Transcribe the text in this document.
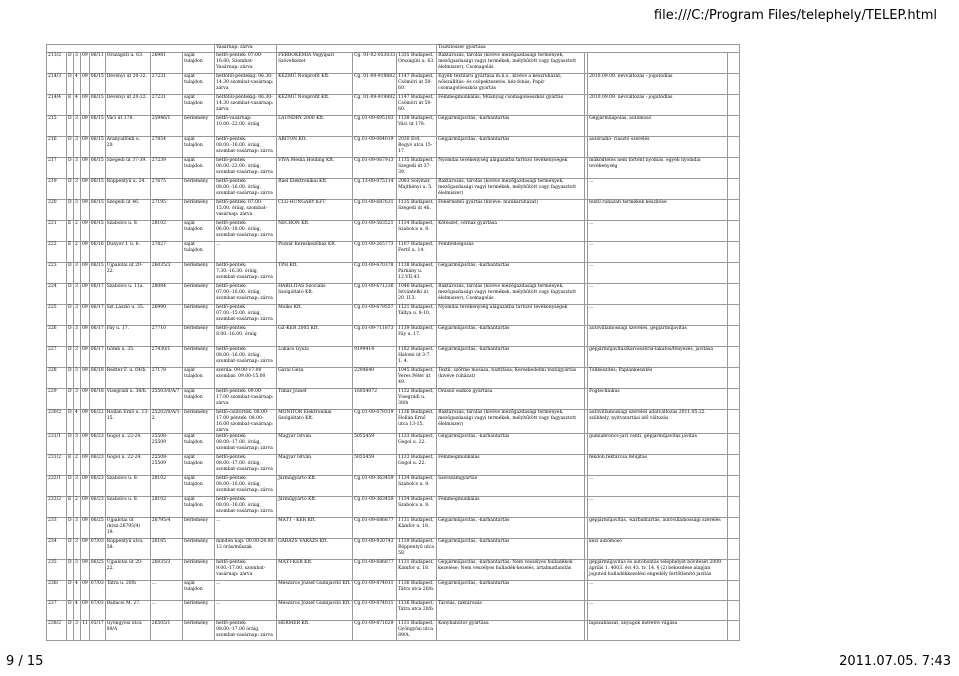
file:///C:/Program Files/telephely/TELEP.html
								Vasárnap: zárva				Tisztítószer gyártása			
213/2	D	3	09	06/11	Országúti u. 63.	26981	saját tulajdon	hétfő-péntek: 07:00-16:00; Szombat-Vasárnap: zárva	FERROKÉMIA Vegyipari Szövetkezet	Cg. 01-02-053033	1335 Budapest, Országúti u. 63.	Raktározás, tárolás (kivéve mezőgazdasági termények, mezőgazdasági vagyi termékek, mélyhűtött vagy fagyasztott élelmiszer); Csomagolás			
214/3	D	4	09	06/15	Dévényi út 20-22.	27231	saját tulajdon	hétfőtől-péntekig: 06.30-14.30 szombat-vasárnap: zárva	KÉZMŰ Nonprofit Kft.	Cg. 01-09-919882	1147 Budapest, Csömöri út 50-60.	Egyéb textiláru gyártása m.n.s., kivéve a készruházat; nőiszállítás- és csöpektezetés, kéz-fonás; Papír csomagolóeszköz gyártás		2010.09.09. névváltozás - jogutódlás	
214/4	E	4	09	06/15	Dévényi út 20-22.	27231	saját tulajdon	hétfőtől-péntekig: 06.30-14.30 szombat-vasárnap: zárva	KÉZMŰ Nonprofit Kft.	Cg. 01-09-919882	1147 Budapest, Csömöri út 50-60.	Fémmegmunkálás; Műanyag csomagolóeszköz gyártás		2010.09.09. névváltozás - jogutódlás	
215	D	3	09	06/15	Váci út 178.	25946/1	bérlemény	hétfő-vasárnap: 10.00.-22.00. óráig	LAUNDRY 2000 Kft.	Cg.01-09-695103	1138 Budapest, Váci út 178.	Gépjárműjavítás, -karbantartás		Gépjárműápolás, autómosó	
216	D	3	09	06/15	Aranyalföldi u. 20.	27854	saját tulajdon	hétfő-péntek: 08.00.-16.00. óráig, szombat-vasárnap: zárva	ARITON Kft.	Cg.01-09-064019	2030 Érd, Bogyó utca 15-17.	Gépjárműjavítás, -karbantartás		autóradió- riasztó szerelés	
217	D	3	09	06/15	Szegedi út 37-39.	27239	saját tulajdon	hétfő-péntek 06.00.-22.00. óráig, szombat-vasárnap: zárva	VIVA Média Holding Kft.	Cg.01-09-067913	1135 Budapest, Szegedi út 37-39.	Nyomdai tevékenység alágazatba tartozó tevékenységek		működtetés nem történt nyomás, egyéb nyomdai tevékenység	
219	D	3	09	06/15	Röppentyű u. 24.	27675	bérlemény	hétfő-péntek: 08.00.-16.00. óráig, szombat-vasárnap: zárva	Ráel Elektronikai Kft.	Cg.13-09-075114	2083 Solymár, Majthényi u. 5.	Raktározás, tárolás (kivéve mezőgazdasági termények, mezőgazdasági vagyi termékek, mélyhűtött vagy fagyasztott élelmiszer)		...	
220	D	3	09	06/15	Szegedi út 46.	27195	bérlemény	hétfő-péntek: 07.00-15.00. óráig, szombat-vasárnap: zárva	CLG-HUNGARY KFT	Cg.01-09-687631	1135 Budapest, Szegedi út 46.	Fehérnemű gyártás (kivéve: munkaruházat)		textil ruházati termékek készítése	
221	E	2	09	06/15	Szabolcs u. 8.	28102	saját tulajdon	hétfő-péntek: 06.00.-18.00. óráig, szombat-vasárnap: zárva	NECRON Kft.	Cg.01-09-563521	1134 Budapest, Szabolcs u. 8.	Kötészet, cérnaz gyártása		...	
222	E	2	09	06/16	Dunyov I. u. 6.	27827	saját tulajdon	...	Pozsár Kereskedőház Kft.	Cg.01-09-265773	1107 Budapest, Fertő u. 14.	Fémfeldolgozás		...	
223	D	3	09	06/15	Újpalotai út 20-22.	26035/3	bérlemény	hétfő-péntek: 7.30.-16.30. óráig, szombat-vasárnap: zárva	TPH Kft.	Cg.01-09-670378	1138 Budapest, Párkány u. 12.VII.43.	Gépjárműjavítás, -karbantartás		...	
224	D	3	09	06/17	Szabolcs u. 11a.	28084	bérlemény	hétfő-péntek: 07.00.-16.00. óráig, szombat-vasárnap: zárva	HABILITAS Szociális Szolgáltató Kft.	Cg.01-09-671236	1046 Budapest, Istvántelki út 20. II.3.	Raktározás, tárolás (kivéve mezőgazdasági termények, mezőgazdasági vagyi termékek, mélyhűtött vagy fagyasztott élelmiszer); Csomagolás		...	
225	D	3	09	06/17	Szt.László u. 35.	26990	bérlemény	hétfő-péntek 07.00.-15.00. óráig, szombat-vasárnap: zárva	Molko Kft.	Cg.01-09-679557	1121 Budapest, Tállya u. 8-10.	Nyomdai tevékenység alágazatba tartozó tevékenységek		...	
226	D	3	09	06/17	Fáy u. 17.	27710	bérlemény	hétfő-péntek: 8.00.-16.00. óráig	GZ-KER 2005 Kft.	Cg.01-09-711873	1139 Budapest, Fáy u. 17.	Gépjárműjavítás, -karbantartás		autóvillamossági szerelés, gépjárműjavítás	
227	D	3	09	06/17	Gömb u. 35.	27430/1	bérlemény	hétfő-péntek: 08.00.-16.00. óráig, szombat-vasárnap: zárva	Lukács Gyula	9199414	1182 Budapest, Halomi út 3-7. 1. 4.	Gépjárműjavítás, -karbantartás		gépjárműjavítás/karosszéria-lakatos/fényezés, javítása	
228	D	3	09	06/18	Reitter F. u. 64/b.	27178	saját tulajdon	szerda: 09.00-17.00 szombat: 09.00-15.00	Garai Géza	2204640	1045 Budapest, Veres Péter út 49.	Textil, szőrme mosása, tisztítása; Kereskedelmi textilgyártás (kivéve ruházat)		Tollkészítés; Paplankészítés	
229	D	3	09	06/18	Visegrádi u. 38/b.	25503/0/A/7	saját tulajdon	hétfő-péntek: 09.00-17.00 szombat-vasárnap: zárva	Tímár József	16054072	1132 Budapest, Visegrádi u. 38/b	Órásnő eszköz gyártása		Fogtechnikus	
230/2	D	4	09	06/22	Hollán Ernő u. 13-15.	25202/0/A/1-2	bérlemény	hétfő-csütörtök: 08.00-17.00 péntek: 08.00-16.00 szombat-vasárnap: zárva	MONITOR Elektronikai Szolgáltató Kft.	Cg.01-09-079319	1136 Budapest, Hollán Ernő utca 13-15.	Raktározás, tárolás (kivéve mezőgazdasági termények, mezőgazdasági vagyi termékek, mélyhűtött vagy fagyasztott élelmiszer)		autóvillamossági szerelés adatváltozás 2011.05.22. szükhely, nyitvatartási idő változás	
231/1	D	3	09	06/23	Gogol u. 22-24.	25508-25509	saját tulajdon	hétfő-péntek: 08.00.-17.00. óráig, szombat-vasárnap: zárva	Magyar István	5055459	1133 Budapest, Gogol u. 22.	Gépjárműjavítás, -karbantartás		gumiabroncs-javí centi, gépjárműjavítás javítás	
231/2	E	2	09	06/23	Gogol u. 22-24.	25508-25509	saját tulajdon	hétfő-péntek: 08.00.-17.00. óráig, szombat-vasárnap: zárva	Magyar István	5055459	1133 Budapest, Gogol u. 22.	Fémmegmunkálás		fékdob,féktárcsa felújítás	
232/1	D	3	09	06/23	Szabolcs u. 8.	28102	saját tulajdon	hétfő-péntek: 08.00.-16.00. óráig, szombat-vasárnap: zárva	Járműgyártó Kft.	Cg.01-09-363459	1134 Budapest, Szabolcs u. 8.	Szerszámgyártás		...	
232/2	E	2	09	06/23	Szabolcs u. 8.	28102	saját tulajdon	hétfő-péntek: 08.00.-16.00. óráig, szombat-vasárnap: zárva	Járműgyártó Kft.	Cg.01-09-363459	1134 Budapest, Szabolcs u. 8.	Fémmegmunkálás		...	
233	D	3	09	06/25	Újpalotai út (hrsz:26795/4) 19.	26795/4	bérlemény	...	MATT - KER Kft.	Cg.01-09-686877	1131 Budapest, Kámfor u. 18.	Gépjárműjavítás, -karbantartás		gépjárműjavítás, -karbantartás, autóvillamossági szerelés	
234	D	3	09	07/03	Röppentyű utca 58.	26185	bérlemény	minden nap: 00.00-24.00. 12 órás/műszak	GARÁZS VARÁZS Kft.	Cg.01-09-920743	1139 Budapest, Röppentyű utca 58.	Gépjárműjavítás, -karbantartás		kézi autómosó	
235	D	3	09	06/25	Újpalotai út 20-22.	26035/3	bérlemény	hétfő-péntek: 9.00.-17.00. szombat-vasárnap: zárva	MATT-KER Kft.	Cg.01-09-686877	1131 Budapest, Kámfor u. 18.	Gépjárműjavítás, -karbantartás; Nem veszélyes hulladékok kezelése; Nem veszélyes hulladék-kezelés, ártalmatlanítás		gépjárműjavítás és autóbontás telephelyét bővítését 2009. április 1. 4003. évi 43. tv. 14. § (2) bekezdése alapján jogutód hulladékkezelési engedély fertőtlenítő javítás	
236/	D	4	09	07/03	Tátra u. 20/b	...	saját tulajdon	...	Mészáros József Gumijavító Kft.	Cg.01-09-874011	1136 Budapest, Tátra utca 20/b.	Gépjárműjavítás, -karbantartás		...	
237	D	4	09	07/03	Badacsi M. 27.	...	bérlemény	...	Mészáros József Gumijavító Kft.	Cg.01-09-874011	1136 Budapest, Tátra utca 20/b.	Tárolás, raktározás		...	
238/2	D	3	11	05/17	Gyöngyösi utca 89/A	26505/1	bérlemény	hétfő-péntek: 08.00.-17.00 óráig, szombat-vasárnap: zárva	HERMER Kft.	Cg.01-09-871629	1131 Budapest, Gyöngyösi utca 89/A.	Konyhabútor gyártása		lapszabászat, anyagok méretre vágása	
9 / 15	2011.07.05. 7:43
